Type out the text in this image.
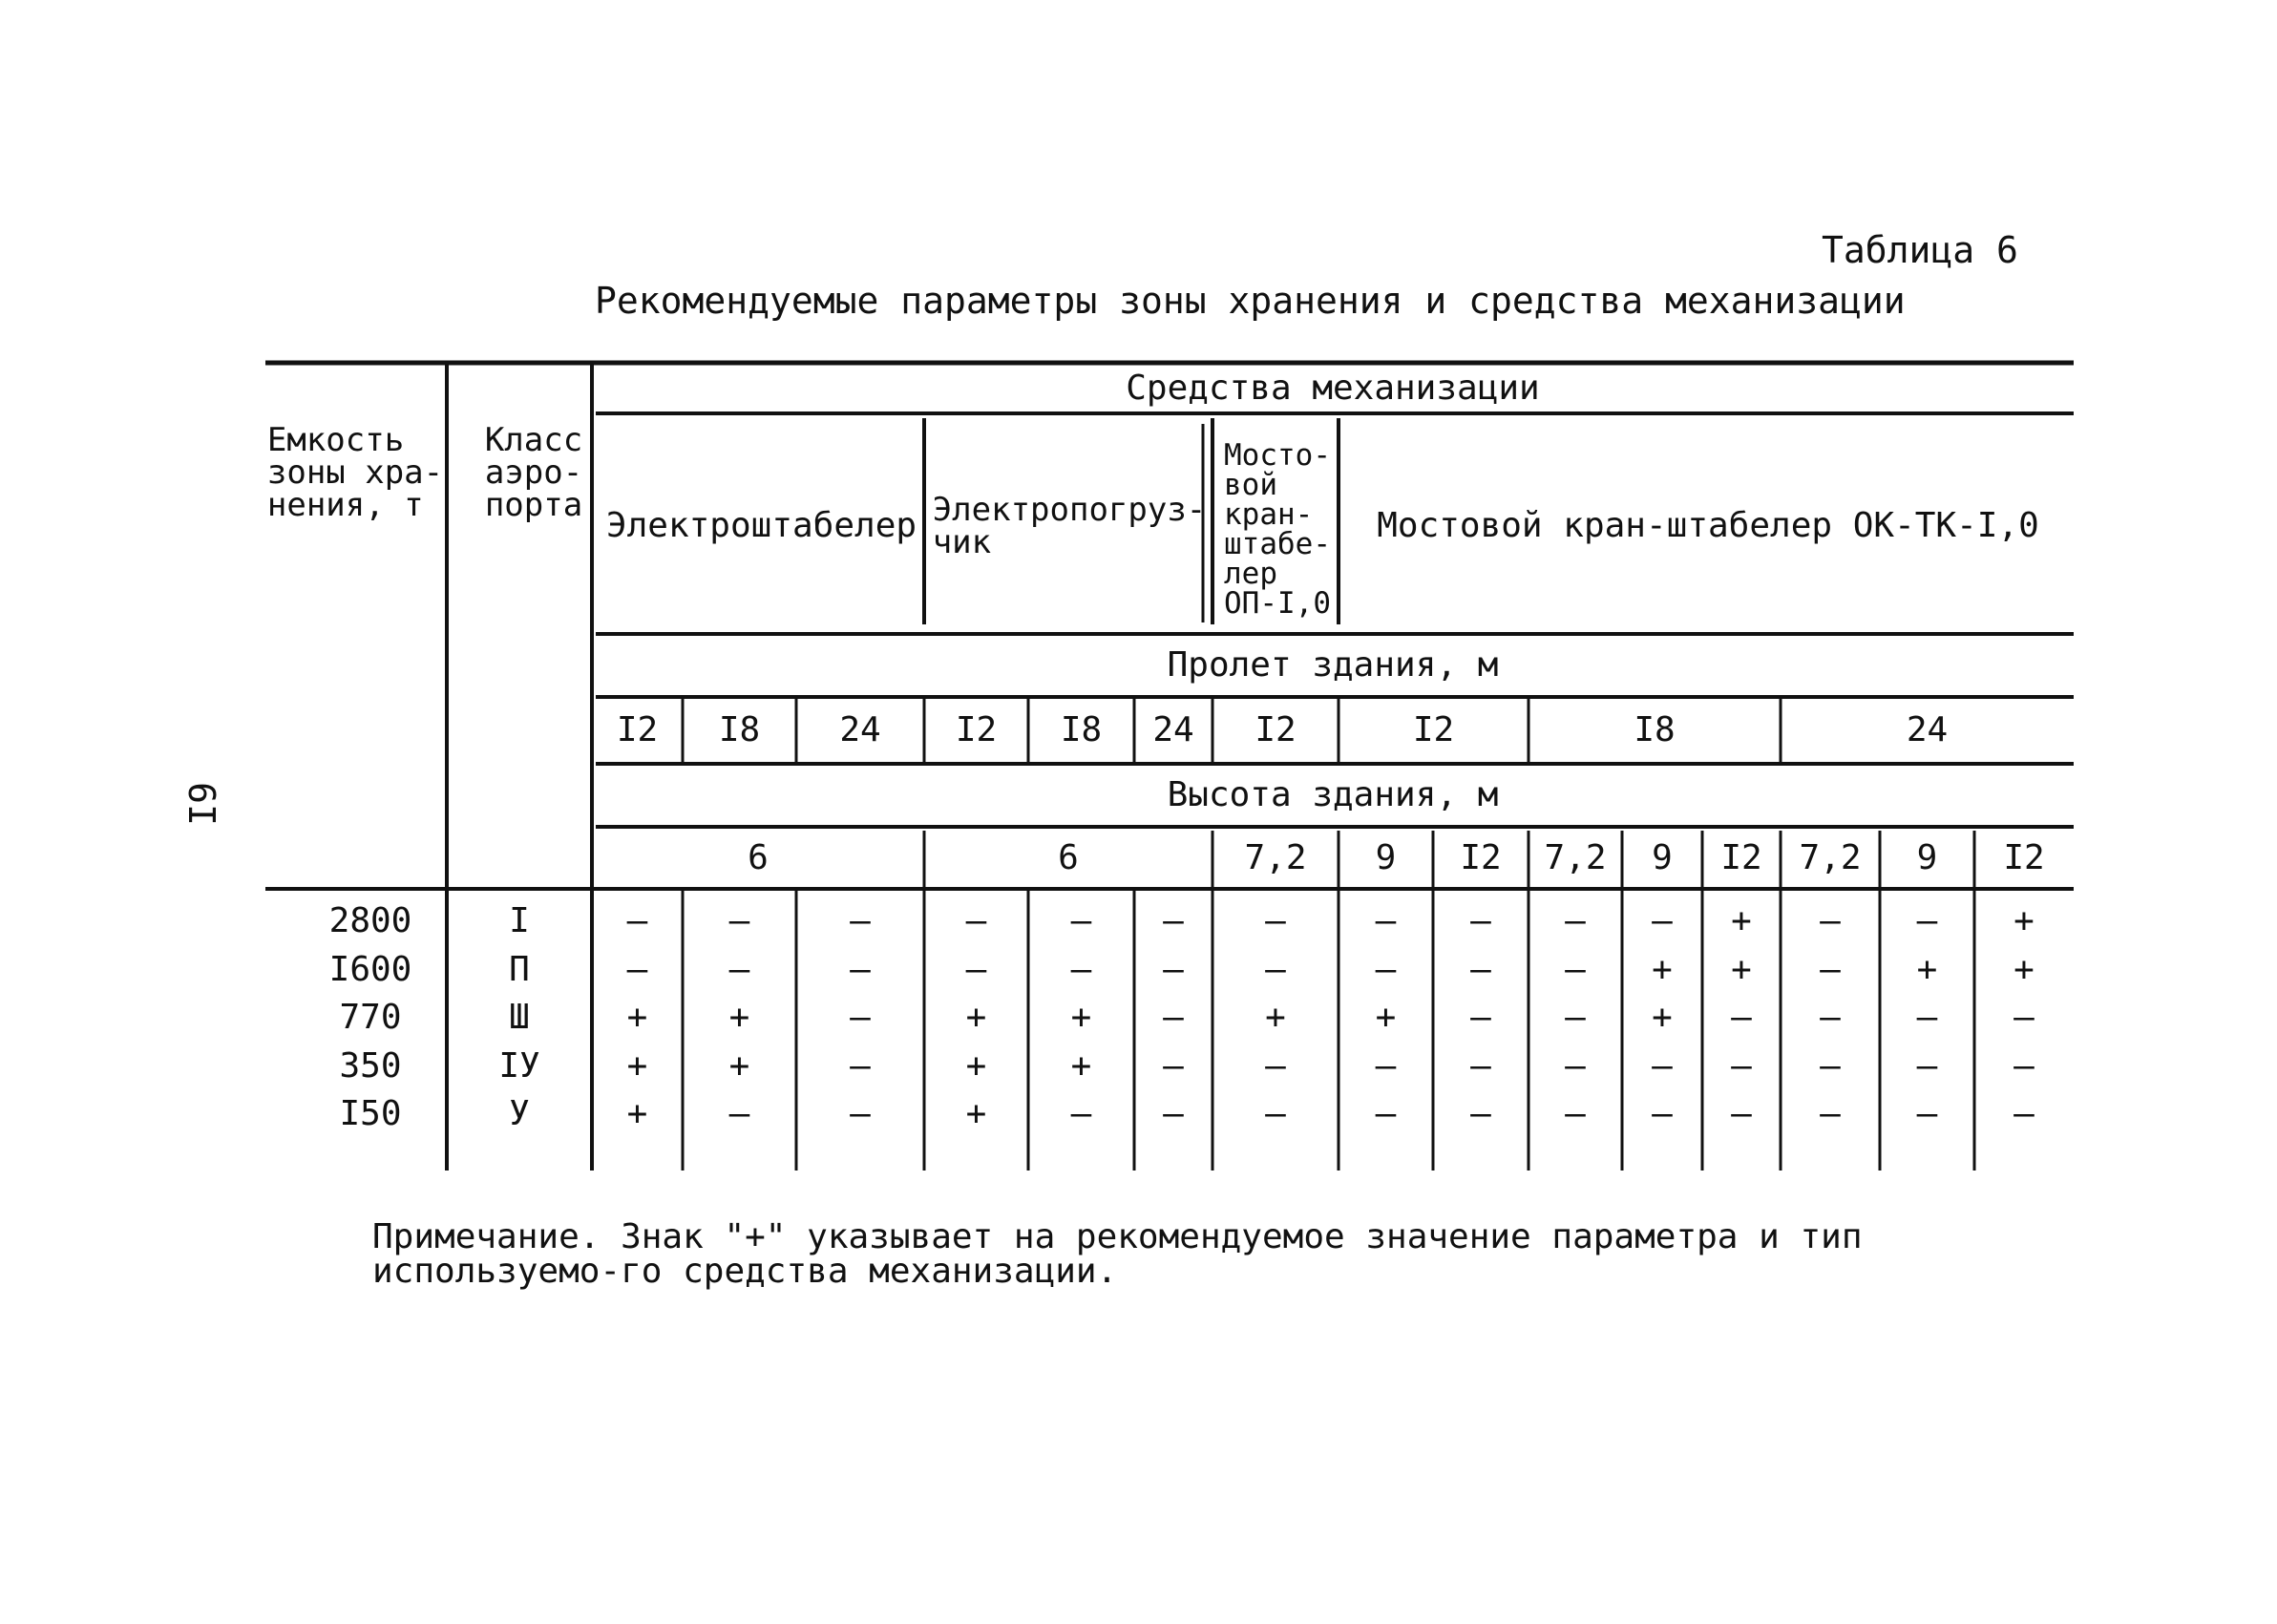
6I
Таблица 6
Рекомендуемые параметры зоны хранения и средства механизации
Емкость
зоны хра-
нения, т
Класс
аэро-
порта
Средства механизации
Электроштабелер Электропогруз-
чик
Мосто-
вой
кран-
штабе-
лер
ОП-I,0
Мостовой кран-штабелер ОК-ТК-I,0
Пролет здания, м
I2	I8	24	I2	I8	24	I2	I2	I8	24
Высота здания, м
6	6	7,2	9	I2	7,2	9	I2	7,2	9	I2
2800	I	–	–	–	–	–	–	–	–	–	–	–	+	–	–	+
I600	П	–	–	–	–	–	–	–	–	–	–	+	+	–	+	+
770	Ш	+	+	–	+	+	–	+	+	–	–	+	–	–	–	–
350	IУ	+	+	–	+	+	–	–	–	–	–	–	–	–	–	–
I50	У	+	–	–	+	–	–	–	–	–	–	–	–	–	–	–
Примечание. Знак "+" указывает на рекомендуемое значение параметра и тип используемо-го средства механизации.
